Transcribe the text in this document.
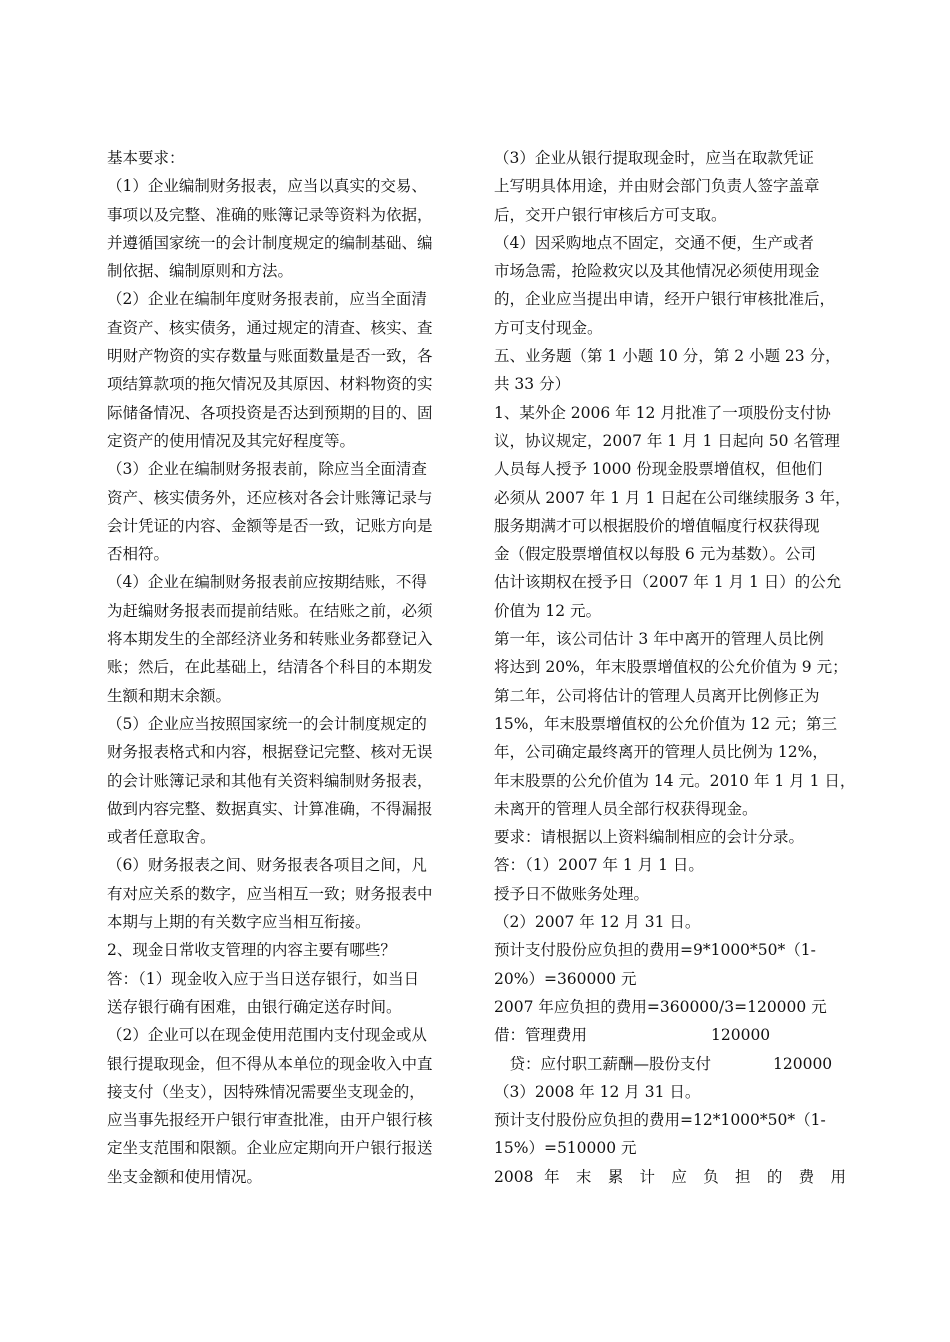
基本要求：
（1）企业编制财务报表，应当以真实的交易、
事项以及完整、准确的账簿记录等资料为依据，
并遵循国家统一的会计制度规定的编制基础、编
制依据、编制原则和方法。
（2）企业在编制年度财务报表前，应当全面清
查资产、核实债务，通过规定的清查、核实、查
明财产物资的实存数量与账面数量是否一致，各
项结算款项的拖欠情况及其原因、材料物资的实
际储备情况、各项投资是否达到预期的目的、固
定资产的使用情况及其完好程度等。
（3）企业在编制财务报表前，除应当全面清查
资产、核实债务外，还应核对各会计账簿记录与
会计凭证的内容、金额等是否一致，记账方向是
否相符。
（4）企业在编制财务报表前应按期结账，不得
为赶编财务报表而提前结账。在结账之前，必须
将本期发生的全部经济业务和转账业务都登记入
账；然后，在此基础上，结清各个科目的本期发
生额和期末余额。
（5）企业应当按照国家统一的会计制度规定的
财务报表格式和内容，根据登记完整、核对无误
的会计账簿记录和其他有关资料编制财务报表，
做到内容完整、数据真实、计算准确，不得漏报
或者任意取舍。
（6）财务报表之间、财务报表各项目之间，凡
有对应关系的数字，应当相互一致；财务报表中
本期与上期的有关数字应当相互衔接。
2、现金日常收支管理的内容主要有哪些？
答：（1）现金收入应于当日送存银行，如当日
送存银行确有困难，由银行确定送存时间。
（2）企业可以在现金使用范围内支付现金或从
银行提取现金，但不得从本单位的现金收入中直
接支付（坐支），因特殊情况需要坐支现金的，
应当事先报经开户银行审查批准，由开户银行核
定坐支范围和限额。企业应定期向开户银行报送
坐支金额和使用情况。
（3）企业从银行提取现金时，应当在取款凭证
上写明具体用途，并由财会部门负责人签字盖章
后，交开户银行审核后方可支取。
（4）因采购地点不固定，交通不便，生产或者
市场急需，抢险救灾以及其他情况必须使用现金
的，企业应当提出申请，经开户银行审核批准后，
方可支付现金。
五、业务题（第 1 小题 10 分，第 2 小题 23 分，
共 33 分）
1、某外企 2006 年 12 月批准了一项股份支付协
议，协议规定，2007 年 1 月 1 日起向 50 名管理
人员每人授予 1000 份现金股票增值权，但他们
必须从 2007 年 1 月 1 日起在公司继续服务 3 年，
服务期满才可以根据股价的增值幅度行权获得现
金（假定股票增值权以每股 6 元为基数）。公司
估计该期权在授予日（2007 年 1 月 1 日）的公允
价值为 12 元。
第一年，该公司估计 3 年中离开的管理人员比例
将达到 20%，年末股票增值权的公允价值为 9 元；
第二年，公司将估计的管理人员离开比例修正为
15%，年末股票增值权的公允价值为 12 元；第三
年，公司确定最终离开的管理人员比例为 12%，
年末股票的公允价值为 14 元。2010 年 1 月 1 日，
未离开的管理人员全部行权获得现金。
要求：请根据以上资料编制相应的会计分录。
答：（1）2007 年 1 月 1 日。
授予日不做账务处理。
（2）2007 年 12 月 31 日。
预计支付股份应负担的费用=9*1000*50*（1-
20%）=360000 元
2007 年应负担的费用=360000/3=120000 元
借：管理费用　　　　　　　　120000
　贷：应付职工薪酬—股份支付　　　　120000
（3）2008 年 12 月 31 日。
预计支付股份应负担的费用=12*1000*50*（1-
15%）=510000 元
2008 年 末 累 计 应 负 担 的 费 用
